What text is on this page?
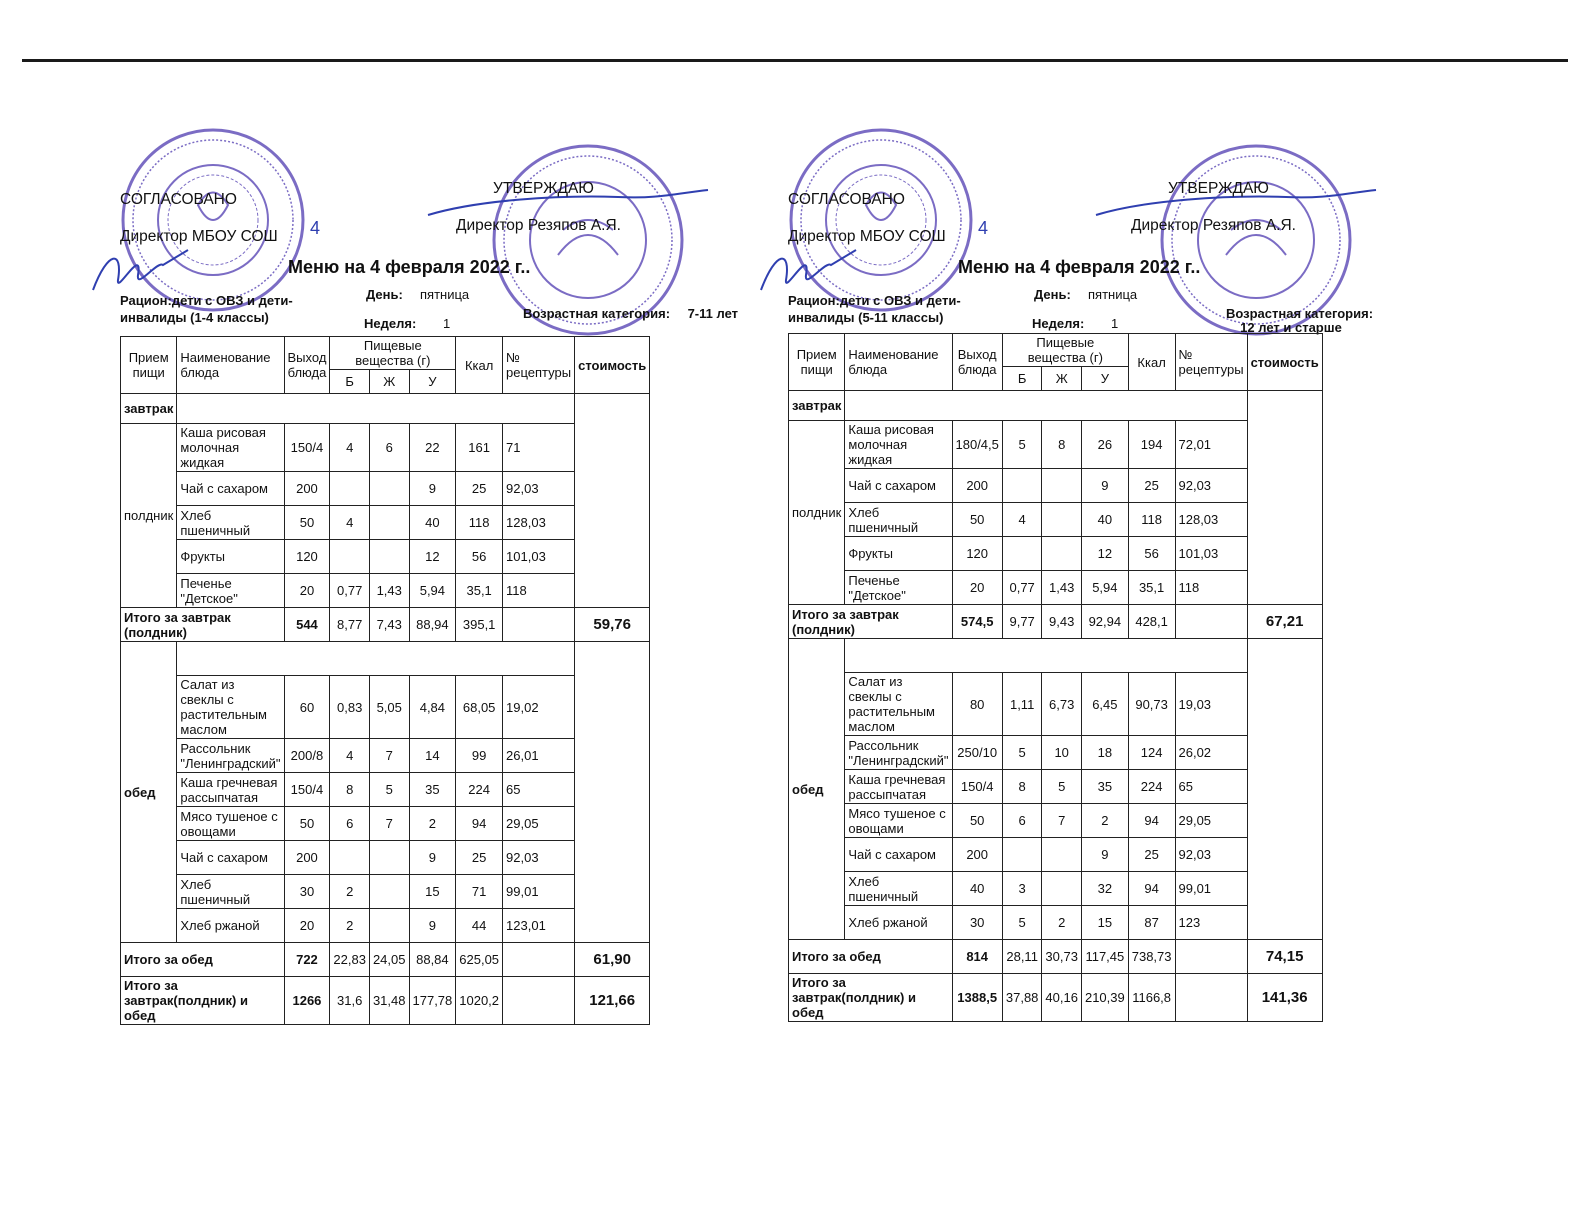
СОГЛАСОВАНО
Директор МБОУ СОШ 4
УТВЕРЖДАЮ
Директор Резяпов А.Я.
Меню на 4 февраля 2022 г..
Рацион:дети с ОВЗ и дети-инвалиды (1-4 классы)
День: пятница
Неделя: 1
Возрастная категория:	7-11 лет
Прием пищи	Наименование блюда	Выход блюда	Пищевые вещества (г)			Ккал	№ рецептуры	стоимость
			Б	Ж	У			
завтрак								
полдник	Каша рисовая молочная жидкая	150/4	4	6	22	161	71	
	Чай с сахаром	200			9	25	92,03	
	Хлеб пшеничный	50	4		40	118	128,03	
	Фрукты	120			12	56	101,03	
	Печенье "Детское"	20	0,77	1,43	5,94	35,1	118	
Итого за завтрак (полдник)		544	8,77	7,43	88,94	395,1		59,76
обед								
	Салат из свеклы с растительным маслом	60	0,83	5,05	4,84	68,05	19,02	
	Рассольник "Ленинградский"	200/8	4	7	14	99	26,01	
	Каша гречневая рассыпчатая	150/4	8	5	35	224	65	
	Мясо тушеное с овощами	50	6	7	2	94	29,05	
	Чай с сахаром	200			9	25	92,03	
	Хлеб пшеничный	30	2		15	71	99,01	
	Хлеб ржаной	20	2		9	44	123,01	
Итого за обед		722	22,83	24,05	88,84	625,05		61,90
Итого за завтрак(полдник) и обед		1266	31,6	31,48	177,78	1020,2		121,66
СОГЛАСОВАНО
Директор МБОУ СОШ 4
УТВЕРЖДАЮ
Директор Резяпов А.Я.
Меню на 4 февраля 2022 г..
Рацион:дети с ОВЗ и дети-инвалиды (5-11 классы)
День: пятница
Неделя: 1
Возрастная категория:
12 лет и старше
Прием пищи	Наименование блюда	Выход блюда	Пищевые вещества (г)			Ккал	№ рецептуры	стоимость
			Б	Ж	У			
завтрак								
полдник	Каша рисовая молочная жидкая	180/4,5	5	8	26	194	72,01	
	Чай с сахаром	200			9	25	92,03	
	Хлеб пшеничный	50	4		40	118	128,03	
	Фрукты	120			12	56	101,03	
	Печенье "Детское"	20	0,77	1,43	5,94	35,1	118	
Итого за завтрак (полдник)		574,5	9,77	9,43	92,94	428,1		67,21
обед								
	Салат из свеклы с растительным маслом	80	1,11	6,73	6,45	90,73	19,03	
	Рассольник "Ленинградский"	250/10	5	10	18	124	26,02	
	Каша гречневая рассыпчатая	150/4	8	5	35	224	65	
	Мясо тушеное с овощами	50	6	7	2	94	29,05	
	Чай с сахаром	200			9	25	92,03	
	Хлеб пшеничный	40	3		32	94	99,01	
	Хлеб ржаной	30	5	2	15	87	123	
Итого за обед		814	28,11	30,73	117,45	738,73		74,15
Итого за завтрак(полдник) и обед		1388,5	37,88	40,16	210,39	1166,8		141,36
